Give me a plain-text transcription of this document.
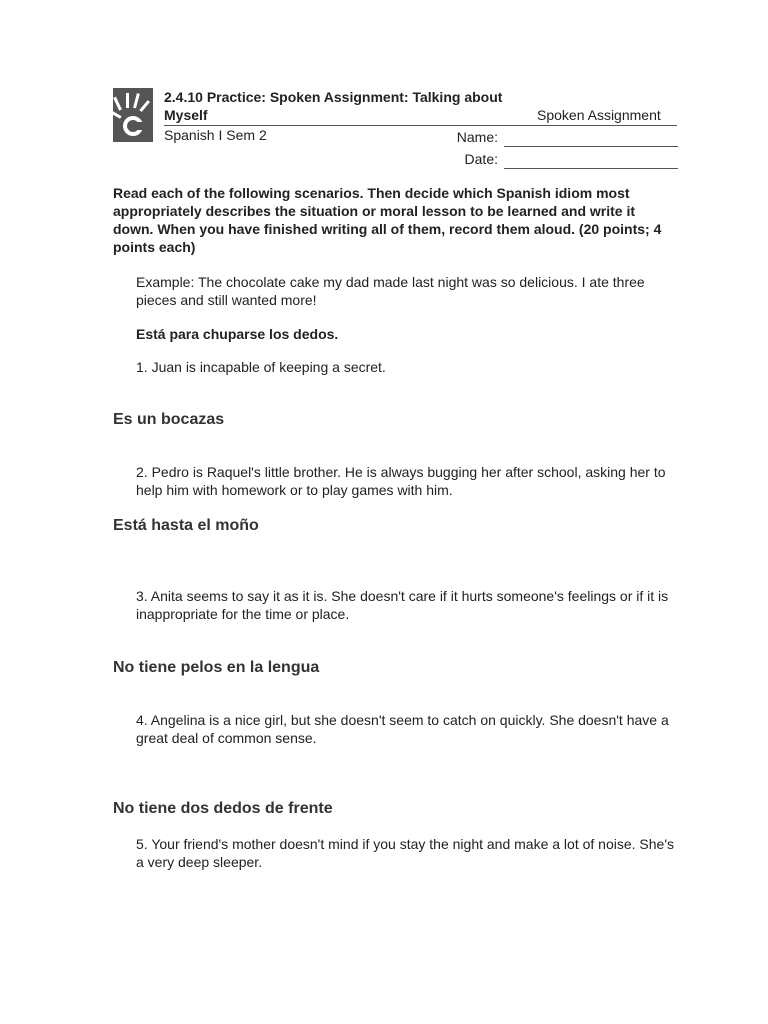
2.4.10 Practice: Spoken Assignment: Talking about Myself
Spanish I Sem 2
Spoken Assignment
Name:
Date:
Read each of the following scenarios. Then decide which Spanish idiom most appropriately describes the situation or moral lesson to be learned and write it down. When you have finished writing all of them, record them aloud. (20 points; 4 points each)
Example: The chocolate cake my dad made last night was so delicious. I ate three pieces and still wanted more!
Está para chuparse los dedos.
1. Juan is incapable of keeping a secret.
Es un bocazas
2. Pedro is Raquel's little brother. He is always bugging her after school, asking her to help him with homework or to play games with him.
Está hasta el moño
3. Anita seems to say it as it is. She doesn't care if it hurts someone's feelings or if it is inappropriate for the time or place.
No tiene pelos en la lengua
4. Angelina is a nice girl, but she doesn't seem to catch on quickly. She doesn't have a great deal of common sense.
No tiene dos dedos de frente
5. Your friend's mother doesn't mind if you stay the night and make a lot of noise. She's a very deep sleeper.
